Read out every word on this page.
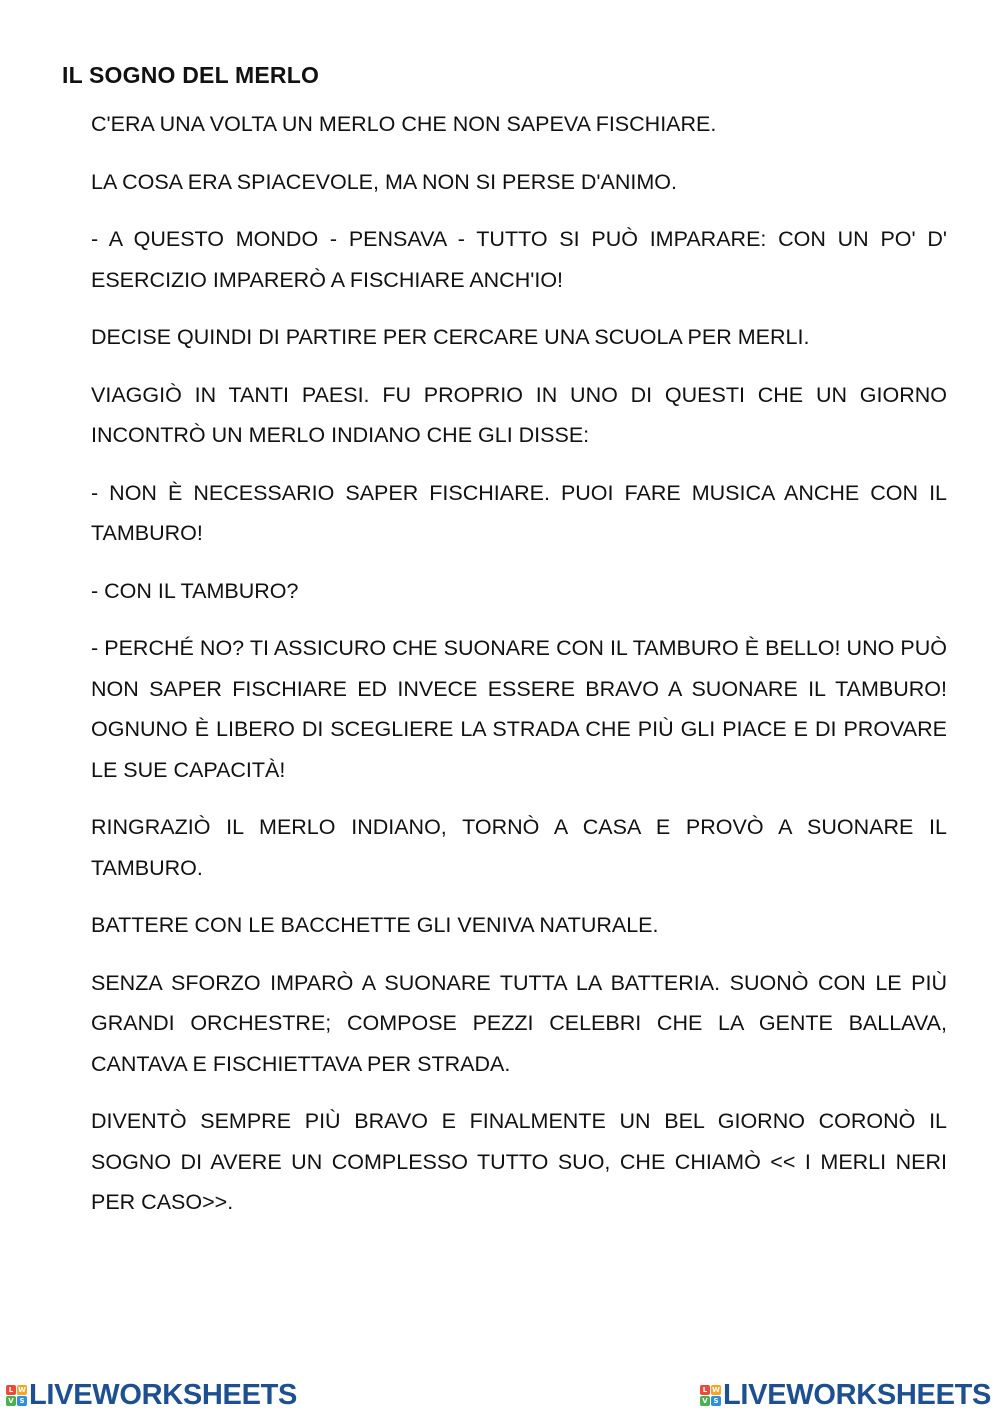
IL SOGNO DEL MERLO

C'ERA UNA VOLTA UN MERLO CHE NON SAPEVA FISCHIARE.

LA COSA ERA SPIACEVOLE, MA NON SI PERSE D'ANIMO.

- A QUESTO MONDO - PENSAVA - TUTTO SI PUÒ IMPARARE: CON UN PO' D' ESERCIZIO IMPARERÒ A FISCHIARE ANCH'IO!

DECISE QUINDI DI PARTIRE PER CERCARE UNA SCUOLA PER MERLI.

VIAGGIÒ IN TANTI PAESI. FU PROPRIO IN UNO DI QUESTI CHE UN GIORNO INCONTRÒ UN MERLO INDIANO CHE GLI DISSE:

- NON È NECESSARIO SAPER FISCHIARE. PUOI FARE MUSICA ANCHE CON IL TAMBURO!

- CON IL TAMBURO?

- PERCHÉ NO? TI ASSICURO CHE SUONARE CON IL TAMBURO È BELLO! UNO PUÒ NON SAPER FISCHIARE ED INVECE ESSERE BRAVO A SUONARE IL TAMBURO! OGNUNO È LIBERO DI SCEGLIERE LA STRADA CHE PIÙ GLI PIACE E DI PROVARE LE SUE CAPACITÀ!

RINGRAZIÒ IL MERLO INDIANO, TORNÒ A CASA E PROVÒ A SUONARE IL TAMBURO.

BATTERE CON LE BACCHETTE GLI VENIVA NATURALE.

SENZA SFORZO IMPARÒ A SUONARE TUTTA LA BATTERIA. SUONÒ CON LE PIÙ GRANDI ORCHESTRE; COMPOSE PEZZI CELEBRI CHE LA GENTE BALLAVA, CANTAVA E FISCHIETTAVA PER STRADA.

DIVENTÒ SEMPRE PIÙ BRAVO E FINALMENTE UN BEL GIORNO CORONÒ IL SOGNO DI AVERE UN COMPLESSO TUTTO SUO, CHE CHIAMÒ << I MERLI NERI PER CASO>>.

L W
V S LIVEWORKSHEETS	L W
V S LIVEWORKSHEETS
